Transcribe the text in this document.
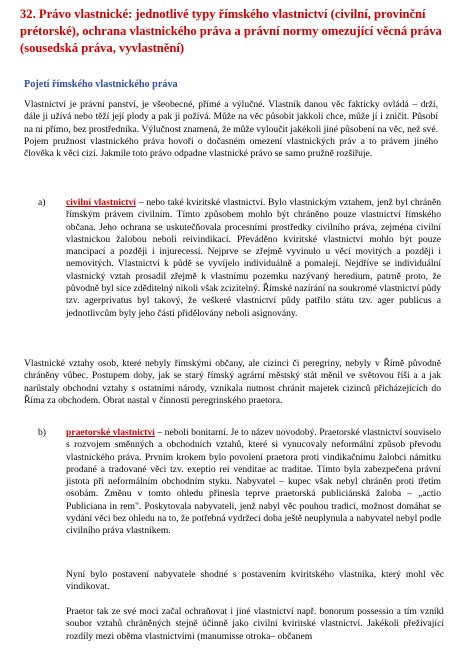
32. Právo vlastnické: jednotlivé typy římského vlastnictví (civilní, provinční prétorské), ochrana vlastnického práva a právní normy omezující věcná práva (sousedská práva, vyvlastnění)

Pojetí římského vlastnického práva

Vlastnictví je právní panství, je všeobecné, přímé a výlučné. Vlastník danou věc fakticky ovládá – drží, dále ji užívá nebo těží její plody a pak ji požívá. Může na věc působit jakkoli chce, může jí i zničit. Působí na ni přímo, bez prostředníka. Výlučnost znamená, že může vyloučit jakékoli jiné působení na věc, než své. Pojem pružnost vlastnického práva hovoří o dočasném omezení vlastnických práv a to právem jiného člověka k věci cizí. Jakmile toto právo odpadne vlastnické právo se samo pružně rozšiřuje.

a) civilní vlastnictví – nebo také kviritské vlastnictví. Bylo vlastnickým vztahem, jenž byl chráněn římským právem civilním. Tímto způsobem mohlo být chráněno pouze vlastnictví římského občana. Jeho ochrana se uskutečňovala procesními prostředky civilního práva, zejména civilní vlastnickou žalobou neboli reivindikací. Převáděno kviritské vlastnictví mohlo být pouze mancipací a později i injurecessí. Nejprve se zřejmě vyvinulo u věcí movitých a později i nemovitých. Vlastnictví k půdě se vyvíjelo individuálně a pomalejí. Nejdříve se individuální vlastnický vztah prosadil zřejmě k vlastnímu pozemku nazývaný heredium, patrně proto, že původně byl sice zděditelný nikoli však zcizitelný. Římské nazírání na soukromé vlastnictví půdy tzv. agerprivatus byl takový, že veškeré vlastnictví půdy patřilo státu tzv. ager publicus a jednotlivcům byly jeho části přidělovány neboli asignovány.

Vlastnické vztahy osob, které nebyly římskými občany, ale cizinci či peregriny, nebyly v Římě původně chráněny vůbec. Postupem doby, jak se starý římský agrární městský stát měnil ve světovou říši a a jak narůstaly obchodní vztahy s ostatními národy, vznikala nutnost chránit majetek cizinců přicházejících do Říma za obchodem. Obrat nastal v činnosti peregrinského praetora.

b) praetorské vlastnictví – neboli bonitarní. Je to název novodobý. Praetorské vlastnictví souviselo s rozvojem směnných a obchodních vztahů, které si vynucovaly neformální způsob převodu vlastnického práva. Prvním krokem bylo povolení praetora proti vindikačnímu žalobci námitku prodané a tradované věci tzv. exeptio rei venditae ac traditae. Tímto byla zabezpečena právní jistota při neformálním obchodním styku. Nabyvatel – kupec však nebyl chráněn proti třetím osobám. Změnu v tomto ohledu přinesla teprve praetorská publiciánská žaloba – „actio Publiciana in rem". Poskytovala nabyvateli, jenž nabyl věc pouhou tradicí, možnost domáhat se vydání věci bez ohledu na to, že potřebná vydržecí doba ještě neuplynula a nabyvatel nebyl podle civilního práva vlastníkem.

Nyní bylo postavení nabyvatele shodné s postavením kviritského vlastníka, který mohl věc vindikovat.

Praetor tak ze své moci začal ochraňovat i jiné vlastnictví např. bonorum possessio a tím vznikl soubor vztahů chráněných stejně účinně jako civilní kviritské vlastnictví. Jakékoli přežívající rozdíly mezi oběma vlastnictvími (manumisse otroka– občanem
